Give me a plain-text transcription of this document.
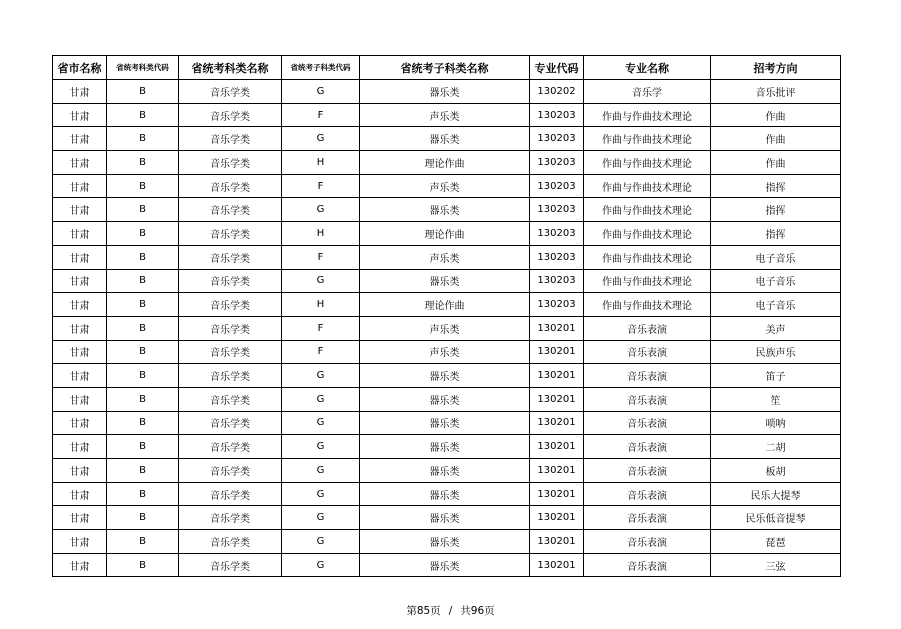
省市名称	省统考科类代码	省统考科类名称	省统考子科类代码	省统考子科类名称	专业代码	专业名称	招考方向
甘肃	B	音乐学类	G	器乐类	130202	音乐学	音乐批评
甘肃	B	音乐学类	F	声乐类	130203	作曲与作曲技术理论	作曲
甘肃	B	音乐学类	G	器乐类	130203	作曲与作曲技术理论	作曲
甘肃	B	音乐学类	H	理论作曲	130203	作曲与作曲技术理论	作曲
甘肃	B	音乐学类	F	声乐类	130203	作曲与作曲技术理论	指挥
甘肃	B	音乐学类	G	器乐类	130203	作曲与作曲技术理论	指挥
甘肃	B	音乐学类	H	理论作曲	130203	作曲与作曲技术理论	指挥
甘肃	B	音乐学类	F	声乐类	130203	作曲与作曲技术理论	电子音乐
甘肃	B	音乐学类	G	器乐类	130203	作曲与作曲技术理论	电子音乐
甘肃	B	音乐学类	H	理论作曲	130203	作曲与作曲技术理论	电子音乐
甘肃	B	音乐学类	F	声乐类	130201	音乐表演	美声
甘肃	B	音乐学类	F	声乐类	130201	音乐表演	民族声乐
甘肃	B	音乐学类	G	器乐类	130201	音乐表演	笛子
甘肃	B	音乐学类	G	器乐类	130201	音乐表演	笙
甘肃	B	音乐学类	G	器乐类	130201	音乐表演	唢呐
甘肃	B	音乐学类	G	器乐类	130201	音乐表演	二胡
甘肃	B	音乐学类	G	器乐类	130201	音乐表演	板胡
甘肃	B	音乐学类	G	器乐类	130201	音乐表演	民乐大提琴
甘肃	B	音乐学类	G	器乐类	130201	音乐表演	民乐低音提琴
甘肃	B	音乐学类	G	器乐类	130201	音乐表演	琵琶
甘肃	B	音乐学类	G	器乐类	130201	音乐表演	三弦
第85页 / 共96页
